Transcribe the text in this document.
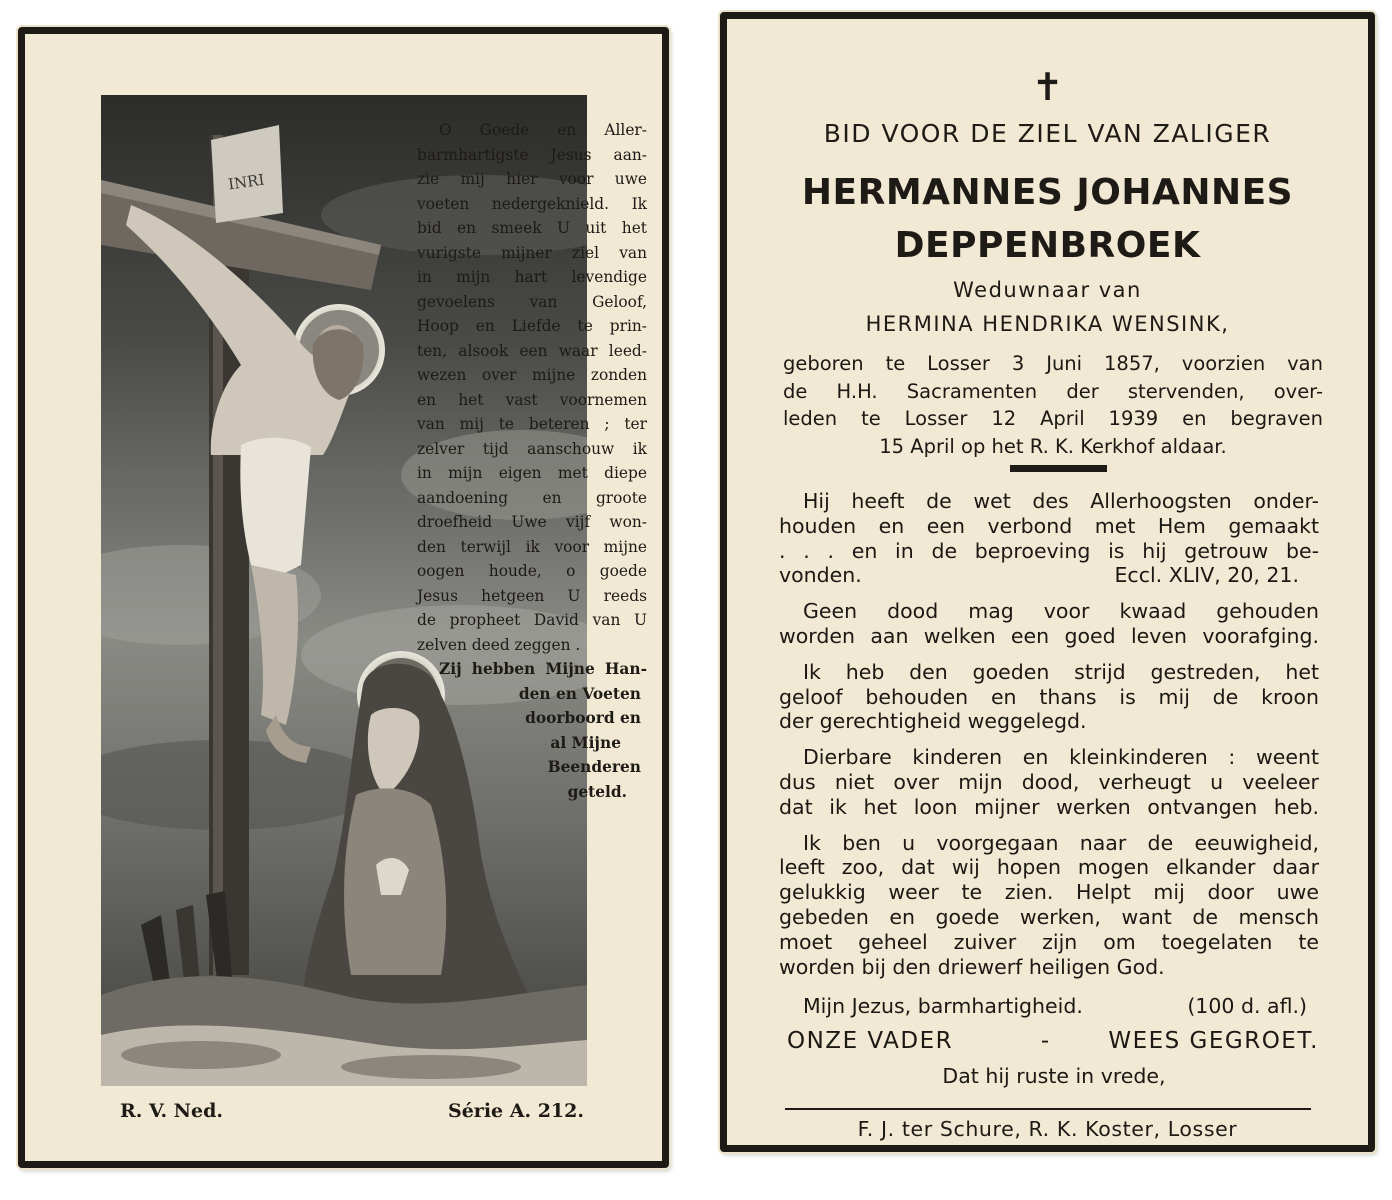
INRI
O Goede en Aller-
barmhartigste Jesus aan-
zie mij hier voor uwe
voeten nedergeknield. Ik
bid en smeek U uit het
vurigste mijner ziel van
in mijn hart levendige
gevoelens van Geloof,
Hoop en Liefde te prin-
ten, alsook een waar leed-
wezen over mijne zonden
en het vast voornemen
van mij te beteren ; ter
zelver tijd aanschouw ik
in mijn eigen met diepe
aandoening en groote
droefheid Uwe vijf won-
den terwijl ik voor mijne
oogen houde, o goede
Jesus hetgeen U reeds
de propheet David van U
zelven deed zeggen .
Zij hebben Mijne Han-
den en Voeten
doorboord en
al Mijne
Beenderen
geteld.
R. V. Ned.	Série A. 212.
✝
BID VOOR DE ZIEL VAN ZALIGER
HERMANNES JOHANNES
DEPPENBROEK
Weduwnaar van
HERMINA HENDRIKA WENSINK,
geboren te Losser 3 Juni 1857, voorzien van
de H.H. Sacramenten der stervenden, over-
leden te Losser 12 April 1939 en begraven
15 April op het R. K. Kerkhof aldaar.

Hij heeft de wet des Allerhoogsten onder-
houden en een verbond met Hem gemaakt
. . . en in de beproeving is hij getrouw be-
vonden.	Eccl. XLIV, 20, 21.

Geen dood mag voor kwaad gehouden
worden aan welken een goed leven voorafging.

Ik heb den goeden strijd gestreden, het
geloof behouden en thans is mij de kroon
der gerechtigheid weggelegd.

Dierbare kinderen en kleinkinderen : weent
dus niet over mijn dood, verheugt u veeleer
dat ik het loon mijner werken ontvangen heb.

Ik ben u voorgegaan naar de eeuwigheid,
leeft zoo, dat wij hopen mogen elkander daar
gelukkig weer te zien. Helpt mij door uwe
gebeden en goede werken, want de mensch
moet geheel zuiver zijn om toegelaten te
worden bij den driewerf heiligen God.

Mijn Jezus, barmhartigheid.	(100 d. afl.)
ONZE VADER	-	WEES GEGROET.
Dat hij ruste in vrede,
F. J. ter Schure, R. K. Koster, Losser
